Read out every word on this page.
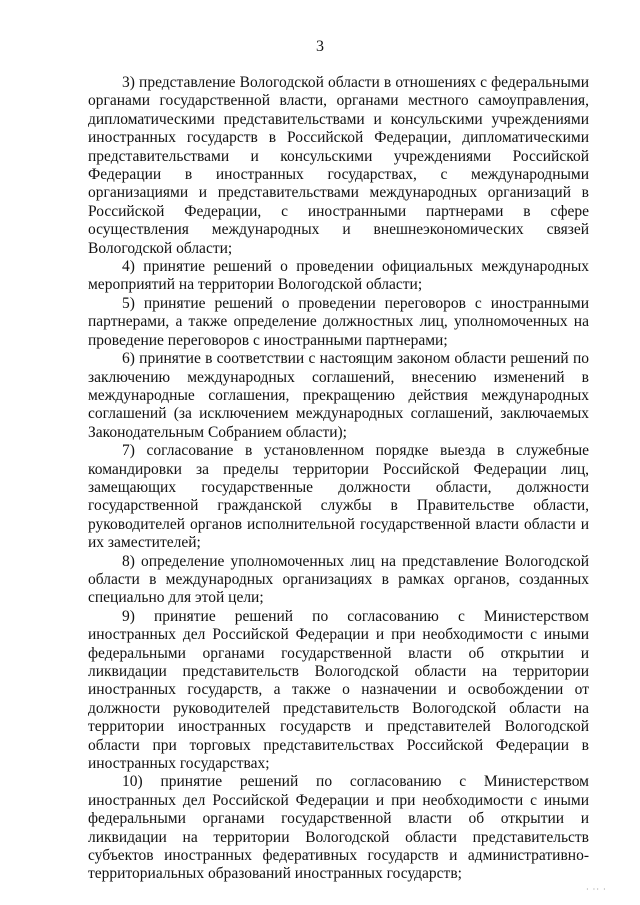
3

3) представление Вологодской области в отношениях с федеральными органами государственной власти, органами местного самоуправления, дипломатическими представительствами и консульскими учреждениями иностранных государств в Российской Федерации, дипломатическими представительствами и консульскими учреждениями Российской Федерации в иностранных государствах, с международными организациями и представительствами международных организаций в Российской Федерации, с иностранными партнерами в сфере осуществления международных и внешнеэкономических связей Вологодской области;

4) принятие решений о проведении официальных международных мероприятий на территории Вологодской области;

5) принятие решений о проведении переговоров с иностранными партнерами, а также определение должностных лиц, уполномоченных на проведение переговоров с иностранными партнерами;

6) принятие в соответствии с настоящим законом области решений по заключению международных соглашений, внесению изменений в международные соглашения, прекращению действия международных соглашений (за исключением международных соглашений, заключаемых Законодательным Собранием области);

7) согласование в установленном порядке выезда в служебные командировки за пределы территории Российской Федерации лиц, замещающих государственные должности области, должности государственной гражданской службы в Правительстве области, руководителей органов исполнительной государственной власти области и их заместителей;

8) определение уполномоченных лиц на представление Вологодской области в международных организациях в рамках органов, созданных специально для этой цели;

9) принятие решений по согласованию с Министерством иностранных дел Российской Федерации и при необходимости с иными федеральными органами государственной власти об открытии и ликвидации представительств Вологодской области на территории иностранных государств, а также о назначении и освобождении от должности руководителей представительств Вологодской области на территории иностранных государств и представителей Вологодской области при торговых представительствах Российской Федерации в иностранных государствах;

10) принятие решений по согласованию с Министерством иностранных дел Российской Федерации и при необходимости с иными федеральными органами государственной власти об открытии и ликвидации на территории Вологодской области представительств субъектов иностранных федеративных государств и административно-территориальных образований иностранных государств;

· ·· ·
